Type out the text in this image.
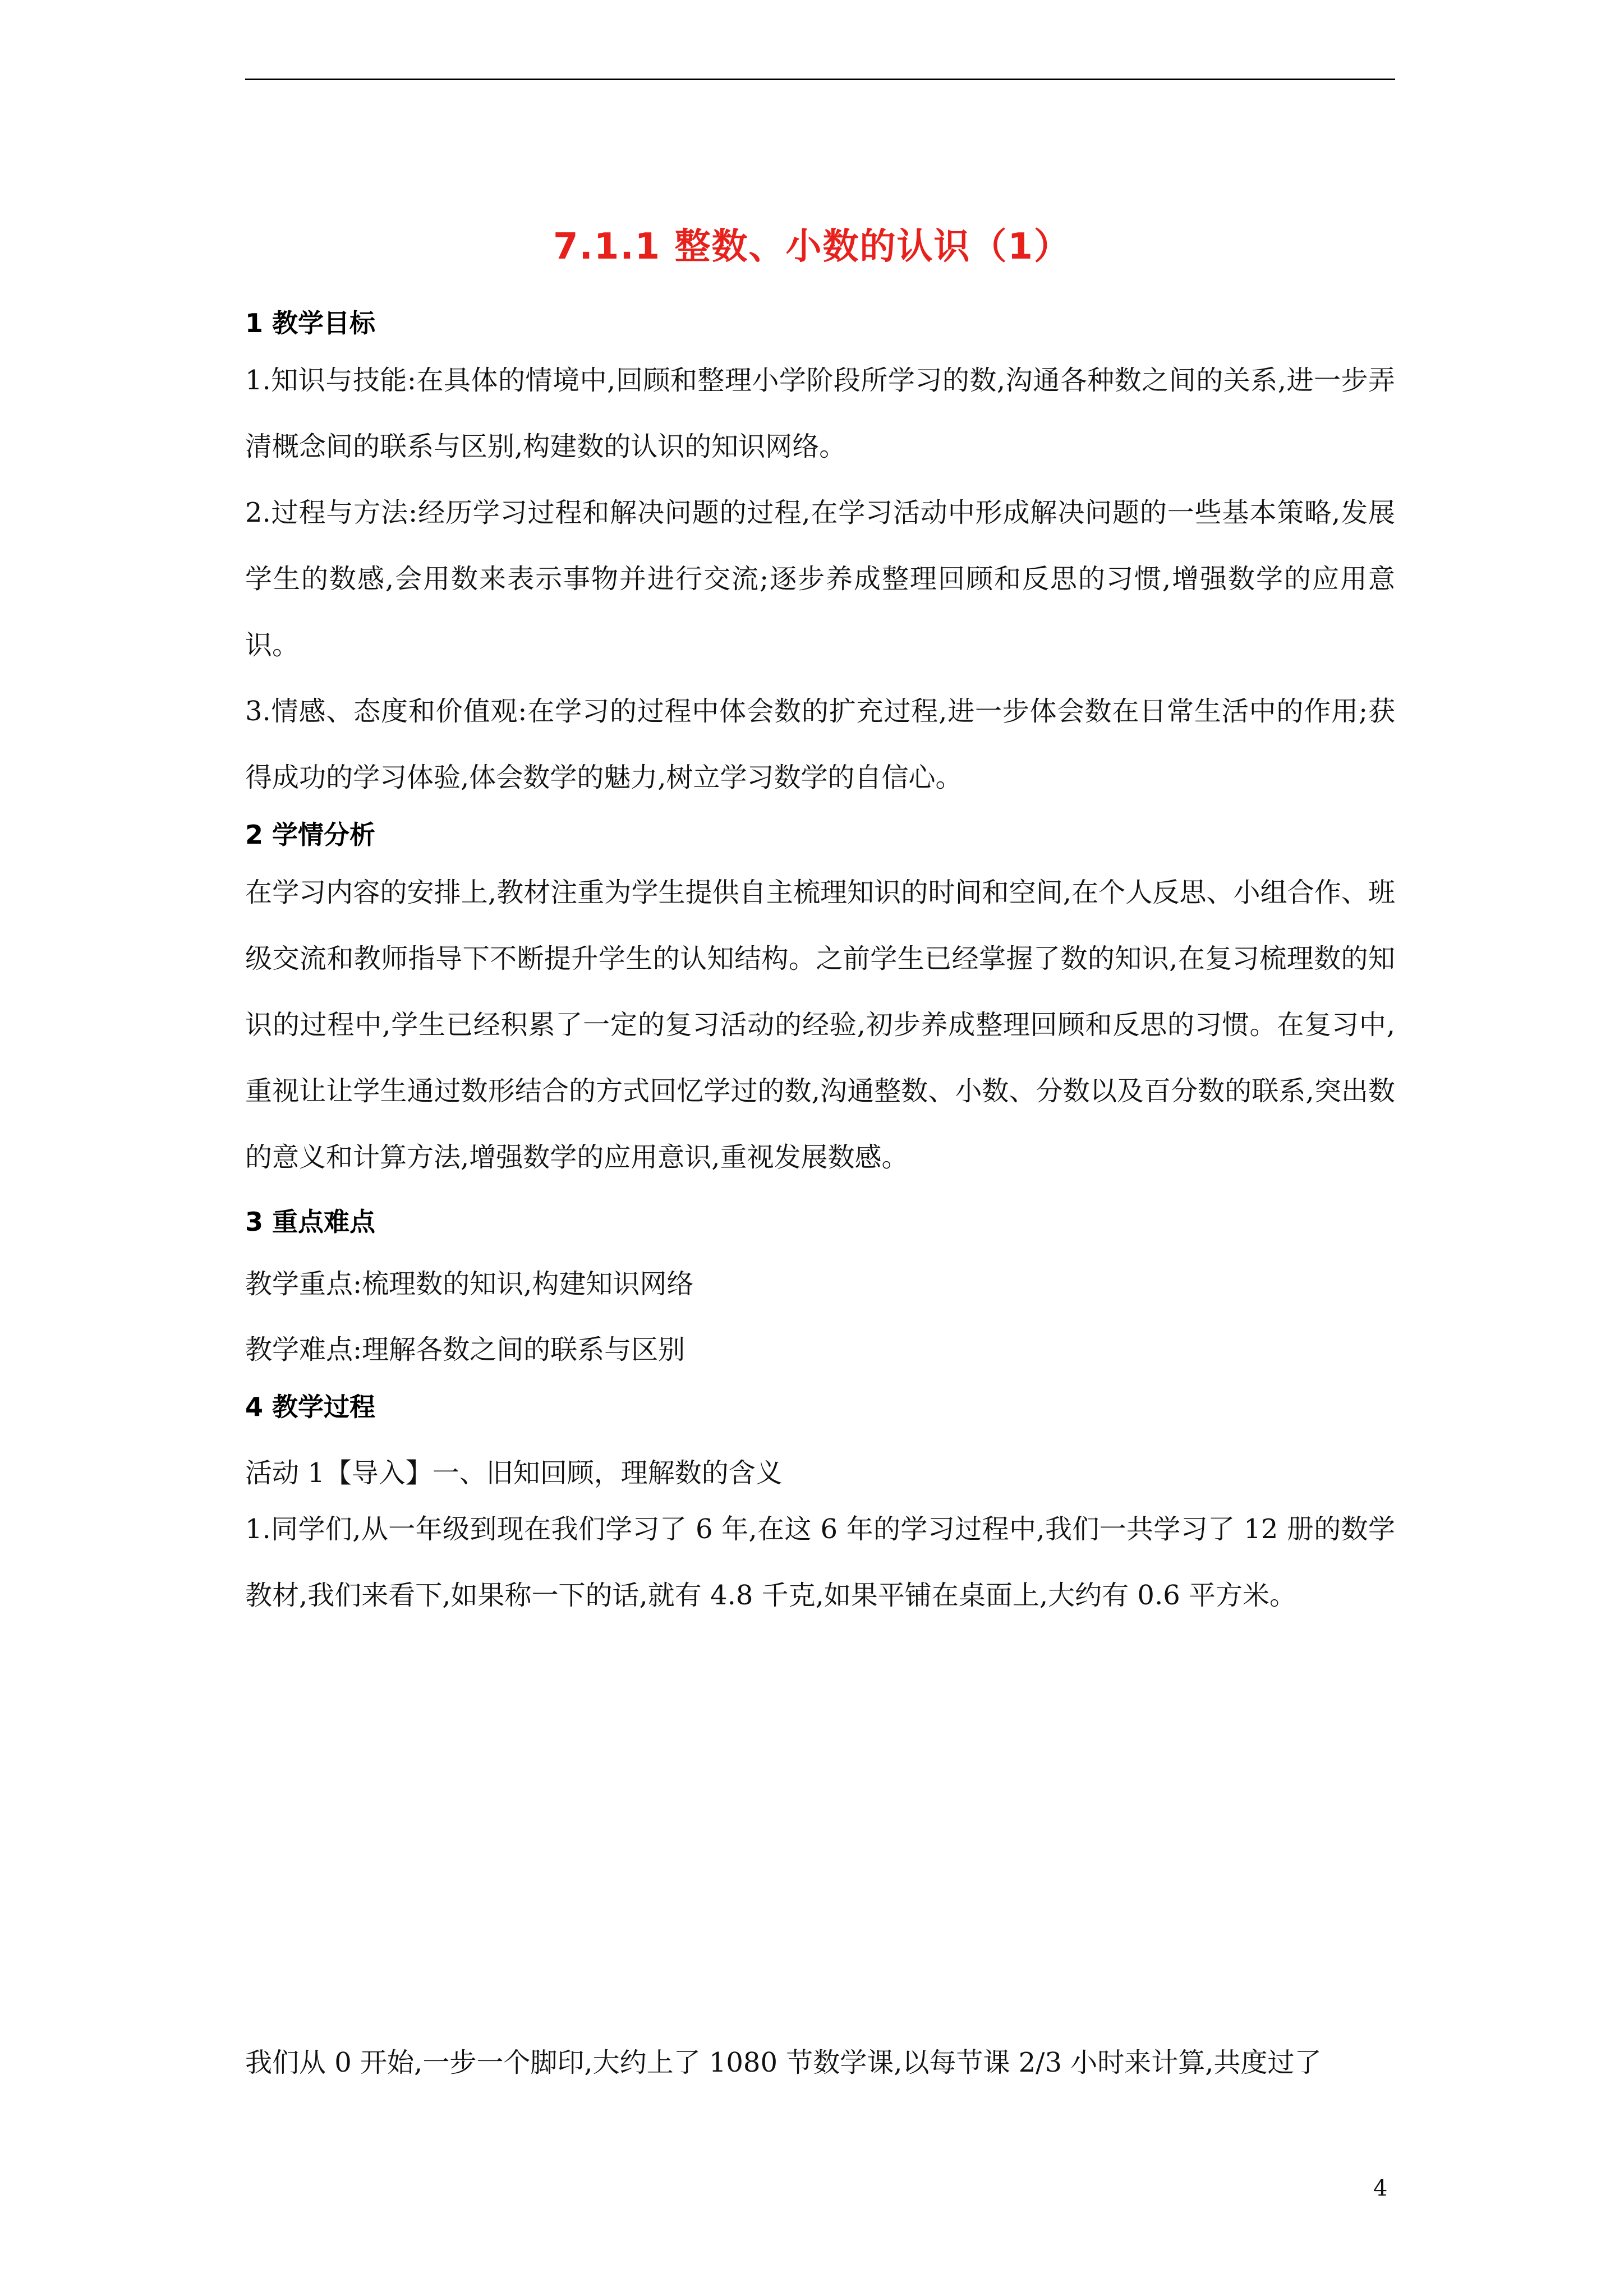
7.1.1 整数、小数的认识（1）
1 教学目标
1.知识与技能:在具体的情境中,回顾和整理小学阶段所学习的数,沟通各种数之间的关系,进一步弄清概念间的联系与区别,构建数的认识的知识网络。
2.过程与方法:经历学习过程和解决问题的过程,在学习活动中形成解决问题的一些基本策略,发展学生的数感,会用数来表示事物并进行交流;逐步养成整理回顾和反思的习惯,增强数学的应用意识。
3.情感、态度和价值观:在学习的过程中体会数的扩充过程,进一步体会数在日常生活中的作用;获得成功的学习体验,体会数学的魅力,树立学习数学的自信心。
2 学情分析
在学习内容的安排上,教材注重为学生提供自主梳理知识的时间和空间,在个人反思、小组合作、班级交流和教师指导下不断提升学生的认知结构。之前学生已经掌握了数的知识,在复习梳理数的知识的过程中,学生已经积累了一定的复习活动的经验,初步养成整理回顾和反思的习惯。在复习中,重视让让学生通过数形结合的方式回忆学过的数,沟通整数、小数、分数以及百分数的联系,突出数的意义和计算方法,增强数学的应用意识,重视发展数感。
3 重点难点
教学重点:梳理数的知识,构建知识网络
教学难点:理解各数之间的联系与区别
4 教学过程
活动 1【导入】一、旧知回顾，理解数的含义
1.同学们,从一年级到现在我们学习了 6 年,在这 6 年的学习过程中,我们一共学习了 12 册的数学教材,我们来看下,如果称一下的话,就有 4.8 千克,如果平铺在桌面上,大约有 0.6 平方米。
我们从 0 开始,一步一个脚印,大约上了 1080 节数学课,以每节课 2/3 小时来计算,共度过了
4
